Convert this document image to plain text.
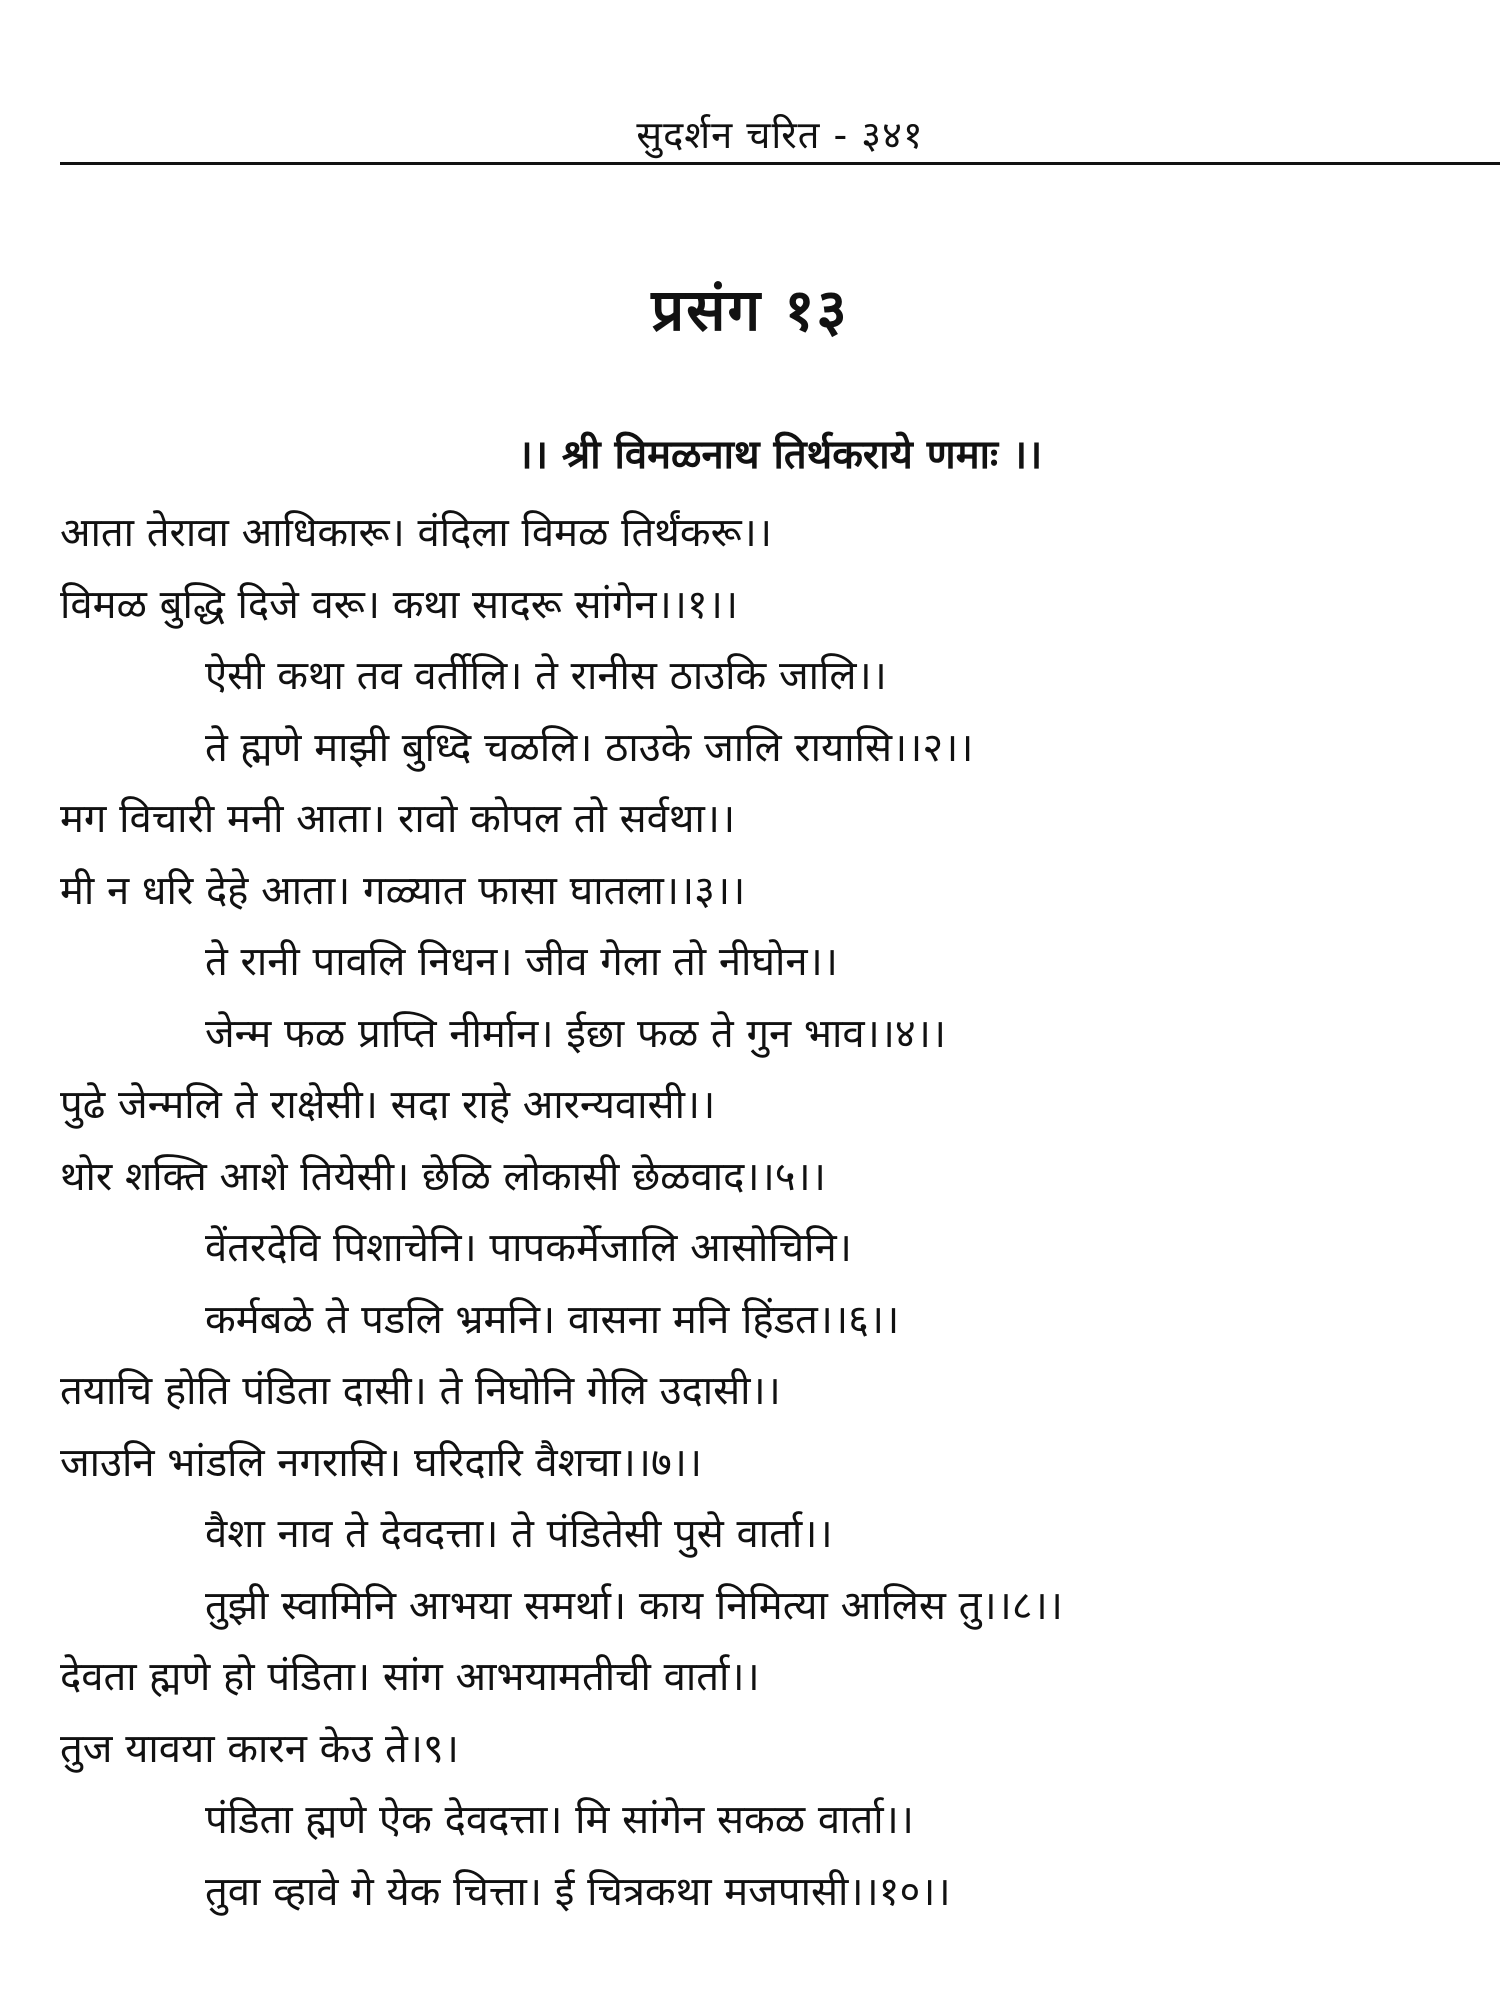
सुदर्शन चरित - ३४१
प्रसंग १३
।। श्री विमळनाथ तिर्थकराये णमाः ।।
आता तेरावा आधिकारू। वंदिला विमळ तिर्थंकरू।।
विमळ बुद्धि दिजे वरू। कथा सादरू सांगेन।।१।।
ऐसी कथा तव वर्तीलि। ते रानीस ठाउकि जालि।।
ते ह्मणे माझी बुध्दि चळलि। ठाउके जालि रायासि।।२।।
मग विचारी मनी आता। रावो कोपल तो सर्वथा।।
मी न धरि देहे आता। गळ्यात फासा घातला।।३।।
ते रानी पावलि निधन। जीव गेला तो नीघोन।।
जेन्म फळ प्राप्ति नीर्मान। ईछा फळ ते गुन भाव।।४।।
पुढे जेन्मलि ते राक्षेसी। सदा राहे आरन्यवासी।।
थोर शक्ति आशे तियेसी। छेळि लोकासी छेळवाद।।५।।
वेंतरदेवि पिशाचेनि। पापकर्मेजालि आसोचिनि।
कर्मबळे ते पडलि भ्रमनि। वासना मनि हिंडत।।६।।
तयाचि होति पंडिता दासी। ते निघोनि गेलि उदासी।।
जाउनि भांडलि नगरासि। घरिदारि वैशचा।।७।।
वैशा नाव ते देवदत्ता। ते पंडितेसी पुसे वार्ता।।
तुझी स्वामिनि आभया समर्था। काय निमित्या आलिस तु।।८।।
देवता ह्मणे हो पंडिता। सांग आभयामतीची वार्ता।।
तुज यावया कारन केउ ते।९।
पंडिता ह्मणे ऐक देवदत्ता। मि सांगेन सकळ वार्ता।।
तुवा व्हावे गे येक चित्ता। ई चित्रकथा मजपासी।।१०।।
